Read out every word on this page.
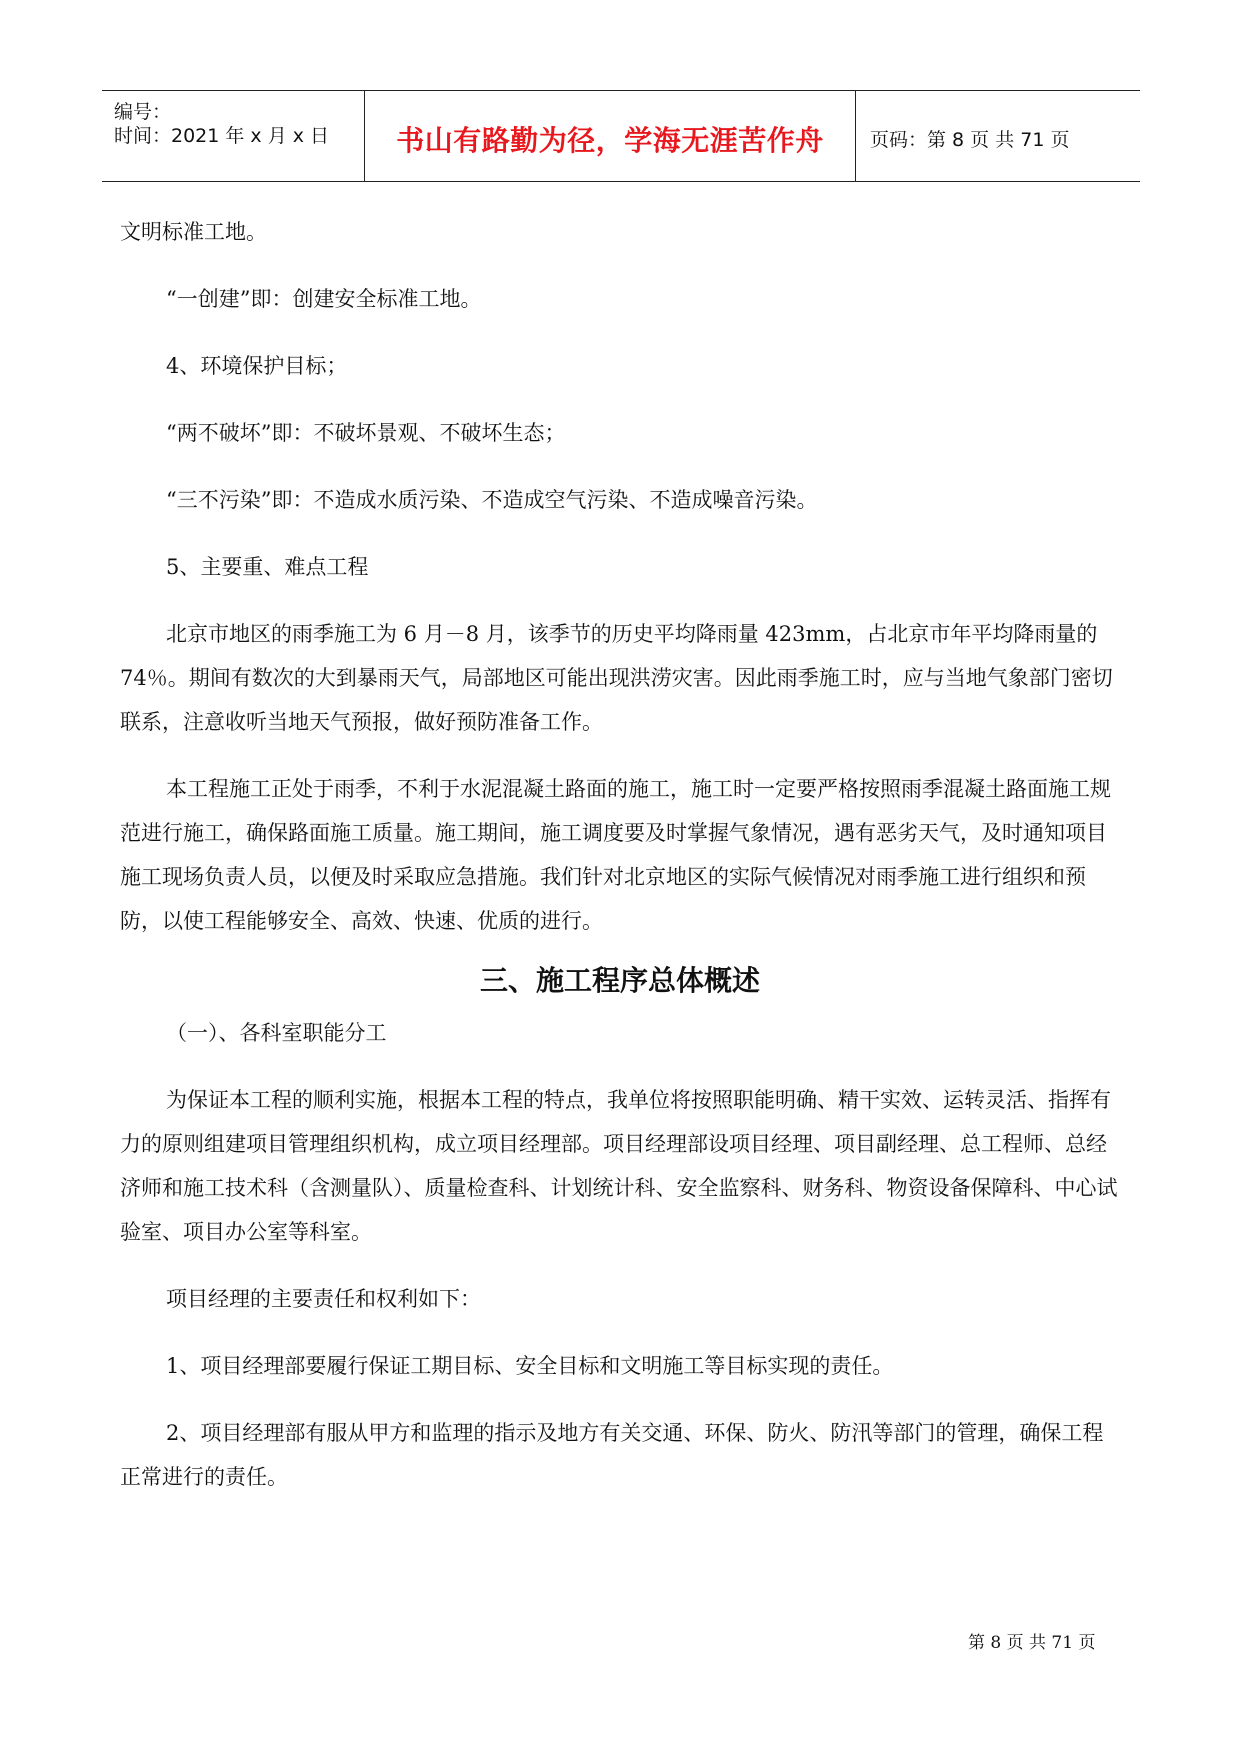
编号：
时间：2021 年 x 月 x 日	书山有路勤为径，学海无涯苦作舟	页码：第 8 页 共 71 页

文明标准工地。

“一创建”即：创建安全标准工地。

4、环境保护目标；

“两不破坏”即：不破坏景观、不破坏生态；

“三不污染”即：不造成水质污染、不造成空气污染、不造成噪音污染。

5、主要重、难点工程

北京市地区的雨季施工为 6 月－8 月，该季节的历史平均降雨量 423mm，占北京市年平均降雨量的 74％。期间有数次的大到暴雨天气，局部地区可能出现洪涝灾害。因此雨季施工时，应与当地气象部门密切联系，注意收听当地天气预报，做好预防准备工作。

本工程施工正处于雨季，不利于水泥混凝土路面的施工，施工时一定要严格按照雨季混凝土路面施工规范进行施工，确保路面施工质量。施工期间，施工调度要及时掌握气象情况，遇有恶劣天气，及时通知项目施工现场负责人员，以便及时采取应急措施。我们针对北京地区的实际气候情况对雨季施工进行组织和预防，以使工程能够安全、高效、快速、优质的进行。

三、施工程序总体概述

（一）、各科室职能分工

为保证本工程的顺利实施，根据本工程的特点，我单位将按照职能明确、精干实效、运转灵活、指挥有力的原则组建项目管理组织机构，成立项目经理部。项目经理部设项目经理、项目副经理、总工程师、总经济师和施工技术科（含测量队）、质量检查科、计划统计科、安全监察科、财务科、物资设备保障科、中心试验室、项目办公室等科室。

项目经理的主要责任和权利如下：

1、项目经理部要履行保证工期目标、安全目标和文明施工等目标实现的责任。

2、项目经理部有服从甲方和监理的指示及地方有关交通、环保、防火、防汛等部门的管理，确保工程正常进行的责任。

第 8 页 共 71 页
